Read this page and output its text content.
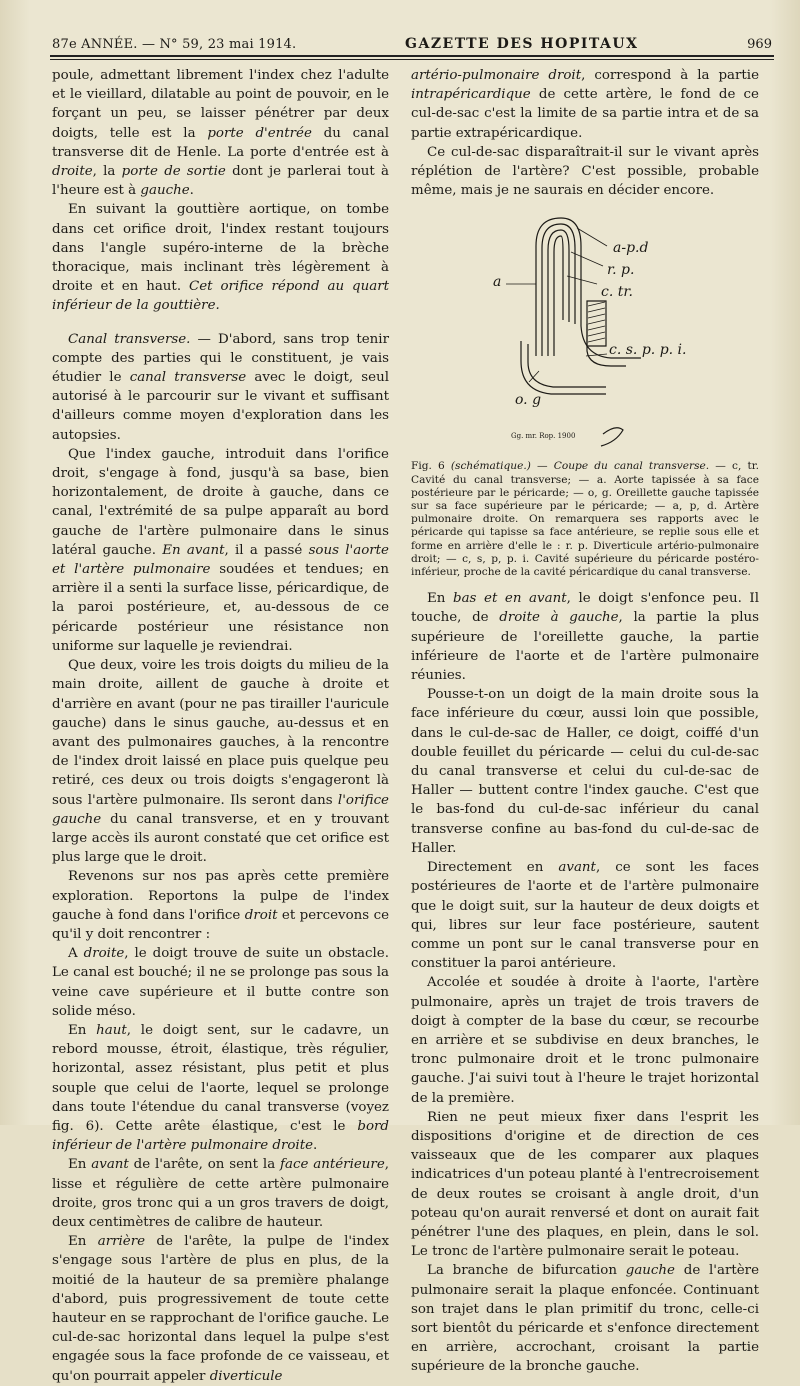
87e ANNÉE. — N° 59, 23 mai 1914.	GAZETTE DES HOPITAUX	969

poule, admettant librement l'index chez l'adulte et le vieillard, dilatable au point de pouvoir, en le forçant un peu, se laisser pénétrer par deux doigts, telle est la porte d'entrée du canal transverse dit de Henle. La porte d'entrée est à droite, la porte de sortie dont je parlerai tout à l'heure est à gauche.

En suivant la gouttière aortique, on tombe dans cet orifice droit, l'index restant toujours dans l'angle supéro-interne de la brèche thoracique, mais inclinant très légèrement à droite et en haut. Cet orifice répond au quart inférieur de la gouttière.

Canal transverse. — D'abord, sans trop tenir compte des parties qui le constituent, je vais étudier le canal transverse avec le doigt, seul autorisé à le parcourir sur le vivant et suffisant d'ailleurs comme moyen d'exploration dans les autopsies.

Que l'index gauche, introduit dans l'orifice droit, s'engage à fond, jusqu'à sa base, bien horizontalement, de droite à gauche, dans ce canal, l'extrémité de sa pulpe apparaît au bord gauche de l'artère pulmonaire dans le sinus latéral gauche. En avant, il a passé sous l'aorte et l'artère pulmonaire soudées et tendues; en arrière il a senti la surface lisse, péricardique, de la paroi postérieure, et, au-dessous de ce péricarde postérieur une résistance non uniforme sur laquelle je reviendrai.

Que deux, voire les trois doigts du milieu de la main droite, aillent de gauche à droite et d'arrière en avant (pour ne pas tirailler l'auricule gauche) dans le sinus gauche, au-dessus et en avant des pulmonaires gauches, à la rencontre de l'index droit laissé en place puis quelque peu retiré, ces deux ou trois doigts s'engageront là sous l'artère pulmonaire. Ils seront dans l'orifice gauche du canal transverse, et en y trouvant large accès ils auront constaté que cet orifice est plus large que le droit.

Revenons sur nos pas après cette première exploration. Reportons la pulpe de l'index gauche à fond dans l'orifice droit et percevons ce qu'il y doit rencontrer :

A droite, le doigt trouve de suite un obstacle. Le canal est bouché; il ne se prolonge pas sous la veine cave supérieure et il butte contre son solide méso.

En haut, le doigt sent, sur le cadavre, un rebord mousse, étroit, élastique, très régulier, horizontal, assez résistant, plus petit et plus souple que celui de l'aorte, lequel se prolonge dans toute l'étendue du canal transverse (voyez fig. 6). Cette arête élastique, c'est le bord inférieur de l'artère pulmonaire droite.

En avant de l'arête, on sent la face antérieure, lisse et régulière de cette artère pulmonaire droite, gros tronc qui a un gros travers de doigt, deux centimètres de calibre de hauteur.

En arrière de l'arête, la pulpe de l'index s'engage sous l'artère de plus en plus, de la moitié de la hauteur de sa première phalange d'abord, puis progressivement de toute cette hauteur en se rapprochant de l'orifice gauche. Le cul-de-sac horizontal dans lequel la pulpe s'est engagée sous la face profonde de ce vaisseau, et qu'on pourrait appeler diverticule

artério-pulmonaire droit, correspond à la partie intrapéricardique de cette artère, le fond de ce cul-de-sac c'est la limite de sa partie intra et de sa partie extrapéricardique.

Ce cul-de-sac disparaîtrait-il sur le vivant après réplétion de l'artère? C'est possible, probable même, mais je ne saurais en décider encore.

a-p.d
r. p.
c. tr.
a
c. s. p. p. i.
o. g
Gg. mr. Rop. 1900
Fig. 6 (schématique.) — Coupe du canal transverse. — c, tr. Cavité du canal transverse; — a. Aorte tapissée à sa face postérieure par le péricarde; — o, g. Oreillette gauche tapissée sur sa face supérieure par le péricarde; — a, p, d. Artère pulmonaire droite. On remarquera ses rapports avec le péricarde qui tapisse sa face antérieure, se replie sous elle et forme en arrière d'elle le : r. p. Diverticule artério-pulmonaire droit; — c, s, p, p. i. Cavité supérieure du péricarde postéro-inférieur, proche de la cavité péricardique du canal transverse.

En bas et en avant, le doigt s'enfonce peu. Il touche, de droite à gauche, la partie la plus supérieure de l'oreillette gauche, la partie inférieure de l'aorte et de l'artère pulmonaire réunies.

Pousse-t-on un doigt de la main droite sous la face inférieure du cœur, aussi loin que possible, dans le cul-de-sac de Haller, ce doigt, coiffé d'un double feuillet du péricarde — celui du cul-de-sac du canal transverse et celui du cul-de-sac de Haller — buttent contre l'index gauche. C'est que le bas-fond du cul-de-sac inférieur du canal transverse confine au bas-fond du cul-de-sac de Haller.

Directement en avant, ce sont les faces postérieures de l'aorte et de l'artère pulmonaire que le doigt suit, sur la hauteur de deux doigts et qui, libres sur leur face postérieure, sautent comme un pont sur le canal transverse pour en constituer la paroi antérieure.

Accolée et soudée à droite à l'aorte, l'artère pulmonaire, après un trajet de trois travers de doigt à compter de la base du cœur, se recourbe en arrière et se subdivise en deux branches, le tronc pulmonaire droit et le tronc pulmonaire gauche. J'ai suivi tout à l'heure le trajet horizontal de la première.

Rien ne peut mieux fixer dans l'esprit les dispositions d'origine et de direction de ces vaisseaux que de les comparer aux plaques indicatrices d'un poteau planté à l'entrecroisement de deux routes se croisant à angle droit, d'un poteau qu'on aurait renversé et dont on aurait fait pénétrer l'une des plaques, en plein, dans le sol. Le tronc de l'artère pulmonaire serait le poteau.

La branche de bifurcation gauche de l'artère pulmonaire serait la plaque enfoncée. Continuant son trajet dans le plan primitif du tronc, celle-ci sort bientôt du péricarde et s'enfonce directement en arrière, accrochant, croisant la partie supérieure de la bronche gauche.
